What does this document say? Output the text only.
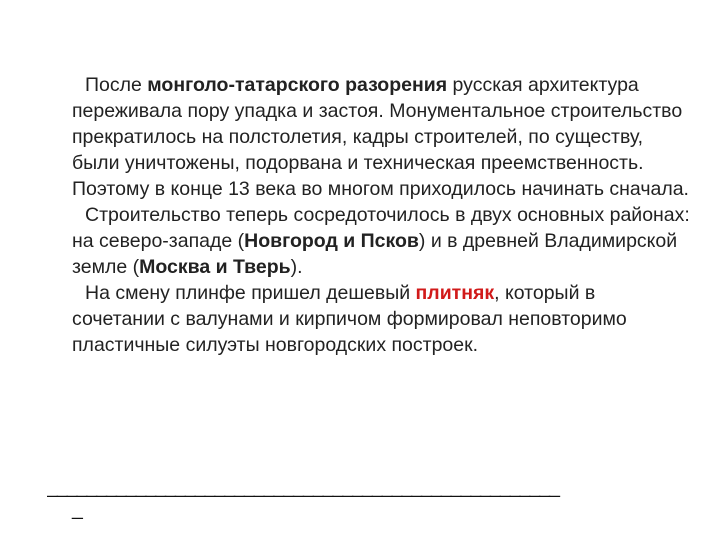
После монголо-татарского разорения русская архитектура переживала пору упадка и застоя. Монументальное строительство прекратилось на полстолетия, кадры строителей, по существу, были уничтожены, подорвана и техническая преемственность. Поэтому в конце 13 века во многом приходилось начинать сначала.

Строительство теперь сосредоточилось в двух основных районах: на северо-западе (Новгород и Псков) и в древней Владимирской земле (Москва и Тверь).

На смену плинфе пришел дешевый плитняк, который в сочетании с валунами и кирпичом формировал неповторимо пластичные силуэты новгородских построек.

____________________________________________________
_
